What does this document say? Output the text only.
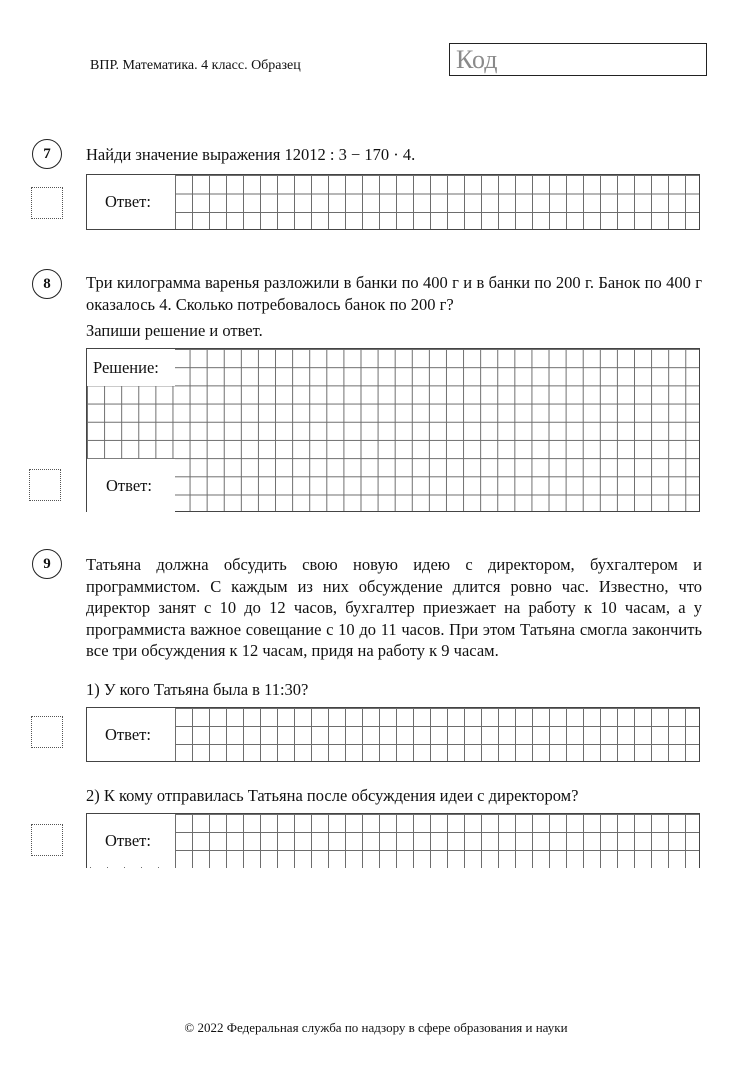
ВПР. Математика. 4 класс. Образец	Код
7	Найди значение выражения 12012 : 3 − 170 · 4.
Ответ:
8	Три килограмма варенья разложили в банки по 400 г и в банки по 200 г. Банок по 400 г оказалось 4. Сколько потребовалось банок по 200 г?
Запиши решение и ответ.
Решение:
Ответ:
9	Татьяна должна обсудить свою новую идею с директором, бухгалтером и программистом. С каждым из них обсуждение длится ровно час. Известно, что директор занят с 10 до 12 часов, бухгалтер приезжает на работу к 10 часам, а у программиста важное совещание с 10 до 11 часов. При этом Татьяна смогла закончить все три обсуждения к 12 часам, придя на работу к 9 часам.
1) У кого Татьяна была в 11:30?
Ответ:
2) К кому отправилась Татьяна после обсуждения идеи с директором?
Ответ:
© 2022 Федеральная служба по надзору в сфере образования и науки
